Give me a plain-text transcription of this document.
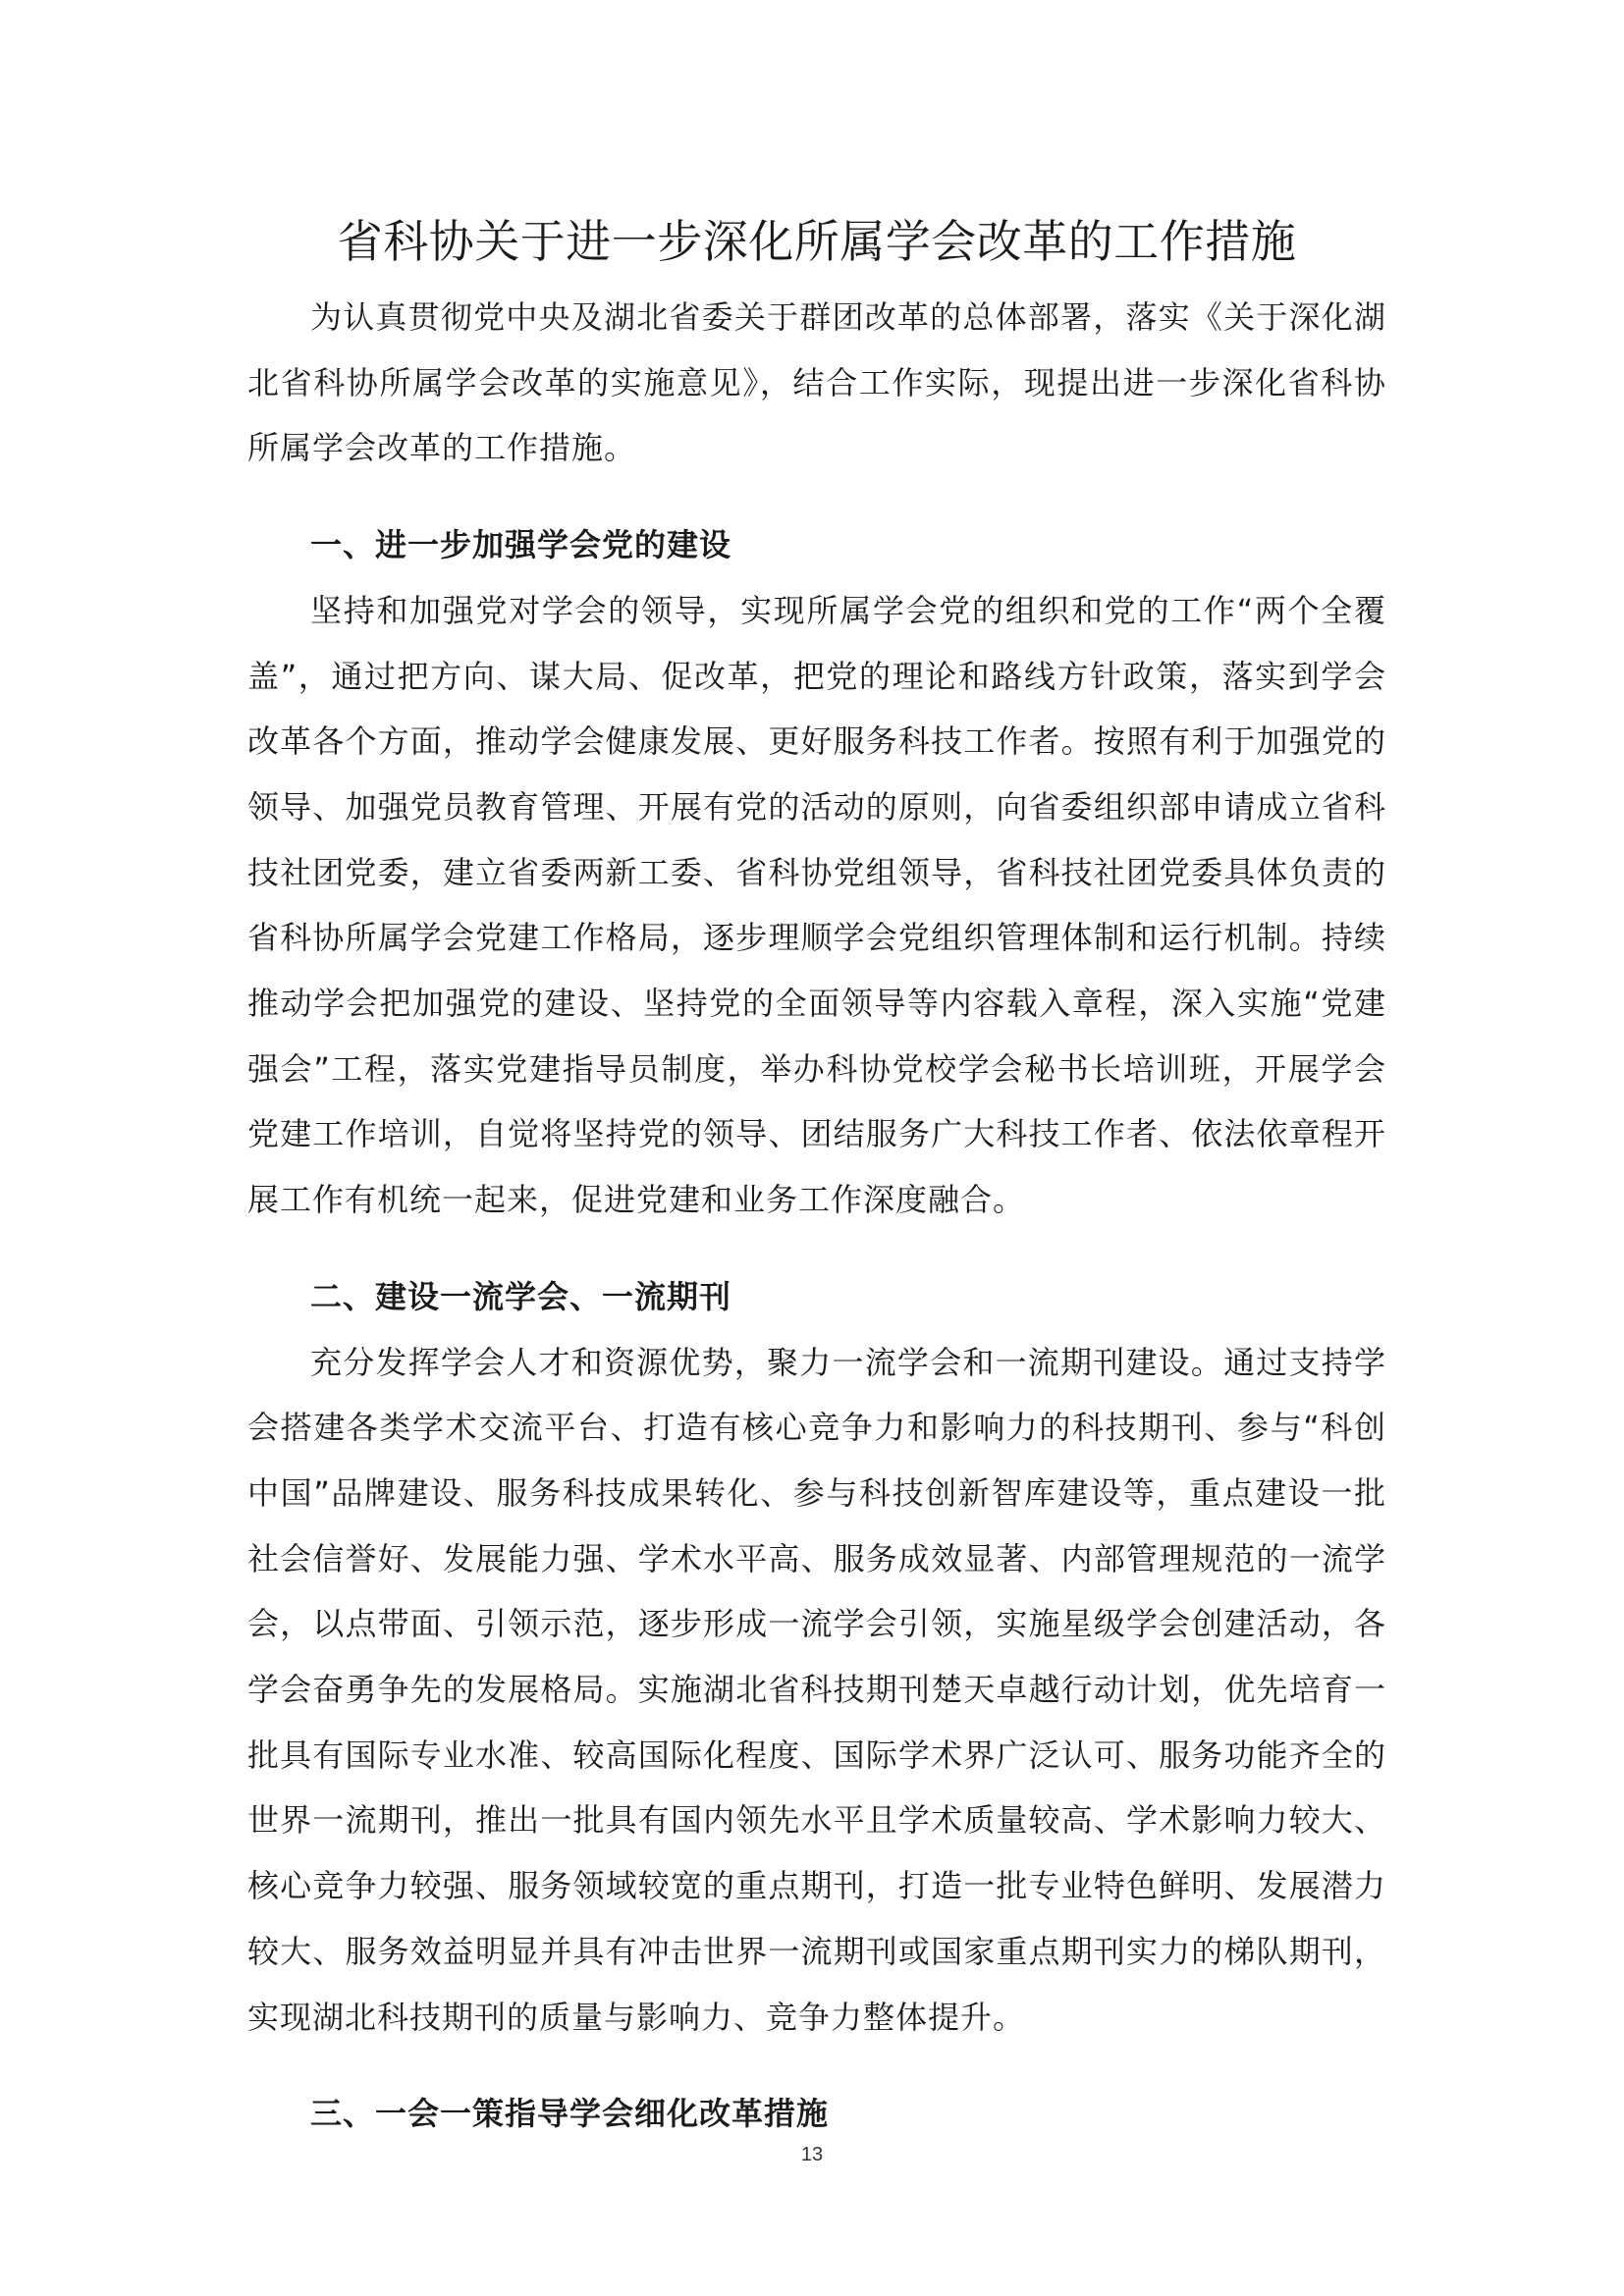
省科协关于进一步深化所属学会改革的工作措施

为认真贯彻党中央及湖北省委关于群团改革的总体部署，落实《关于深化湖北省科协所属学会改革的实施意见》，结合工作实际，现提出进一步深化省科协所属学会改革的工作措施。

一、进一步加强学会党的建设

坚持和加强党对学会的领导，实现所属学会党的组织和党的工作“两个全覆盖”，通过把方向、谋大局、促改革，把党的理论和路线方针政策，落实到学会改革各个方面，推动学会健康发展、更好服务科技工作者。按照有利于加强党的领导、加强党员教育管理、开展有党的活动的原则，向省委组织部申请成立省科技社团党委，建立省委两新工委、省科协党组领导，省科技社团党委具体负责的省科协所属学会党建工作格局，逐步理顺学会党组织管理体制和运行机制。持续推动学会把加强党的建设、坚持党的全面领导等内容载入章程，深入实施“党建强会”工程，落实党建指导员制度，举办科协党校学会秘书长培训班，开展学会党建工作培训，自觉将坚持党的领导、团结服务广大科技工作者、依法依章程开展工作有机统一起来，促进党建和业务工作深度融合。

二、建设一流学会、一流期刊

充分发挥学会人才和资源优势，聚力一流学会和一流期刊建设。通过支持学会搭建各类学术交流平台、打造有核心竞争力和影响力的科技期刊、参与“科创中国”品牌建设、服务科技成果转化、参与科技创新智库建设等，重点建设一批社会信誉好、发展能力强、学术水平高、服务成效显著、内部管理规范的一流学会，以点带面、引领示范，逐步形成一流学会引领，实施星级学会创建活动，各学会奋勇争先的发展格局。实施湖北省科技期刊楚天卓越行动计划，优先培育一批具有国际专业水准、较高国际化程度、国际学术界广泛认可、服务功能齐全的世界一流期刊，推出一批具有国内领先水平且学术质量较高、学术影响力较大、核心竞争力较强、服务领域较宽的重点期刊，打造一批专业特色鲜明、发展潜力较大、服务效益明显并具有冲击世界一流期刊或国家重点期刊实力的梯队期刊，实现湖北科技期刊的质量与影响力、竞争力整体提升。

三、一会一策指导学会细化改革措施
13
